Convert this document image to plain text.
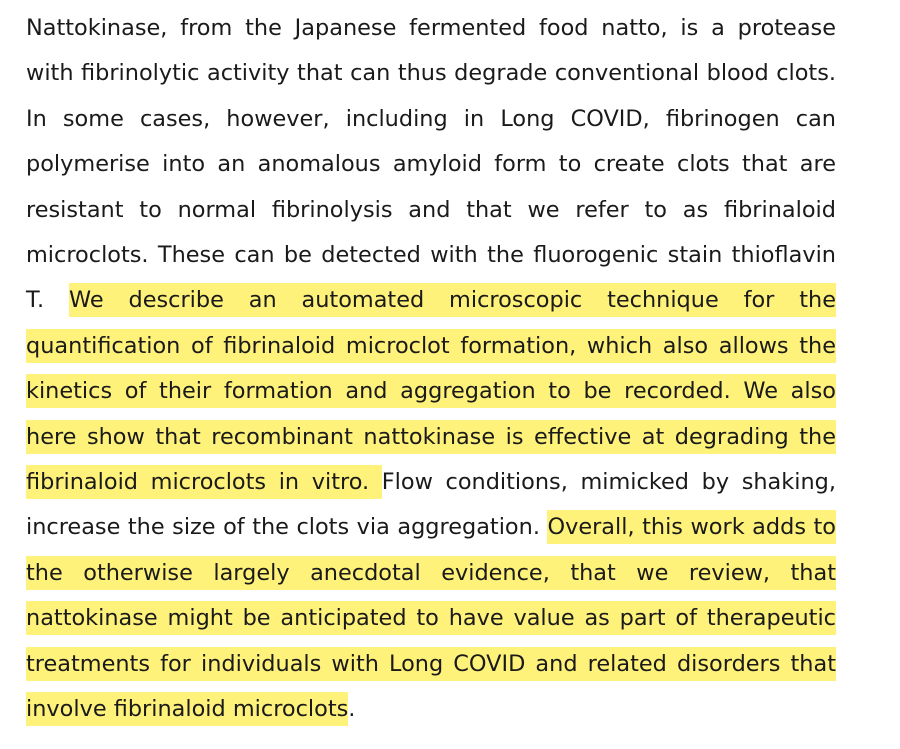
Nattokinase, from the Japanese fermented food natto, is a protease with fibrinolytic activity that can thus degrade conventional blood clots. In some cases, however, including in Long COVID, fibrinogen can polymerise into an anomalous amyloid form to create clots that are resistant to normal fibrinolysis and that we refer to as fibrinaloid microclots. These can be detected with the fluorogenic stain thioflavin T. We describe an automated microscopic technique for the quantification of fibrinaloid microclot formation, which also allows the kinetics of their formation and aggregation to be recorded. We also here show that recombinant nattokinase is effective at degrading the fibrinaloid microclots in vitro. Flow conditions, mimicked by shaking, increase the size of the clots via aggregation. Overall, this work adds to the otherwise largely anecdotal evidence, that we review, that nattokinase might be anticipated to have value as part of therapeutic treatments for individuals with Long COVID and related disorders that involve fibrinaloid microclots.
